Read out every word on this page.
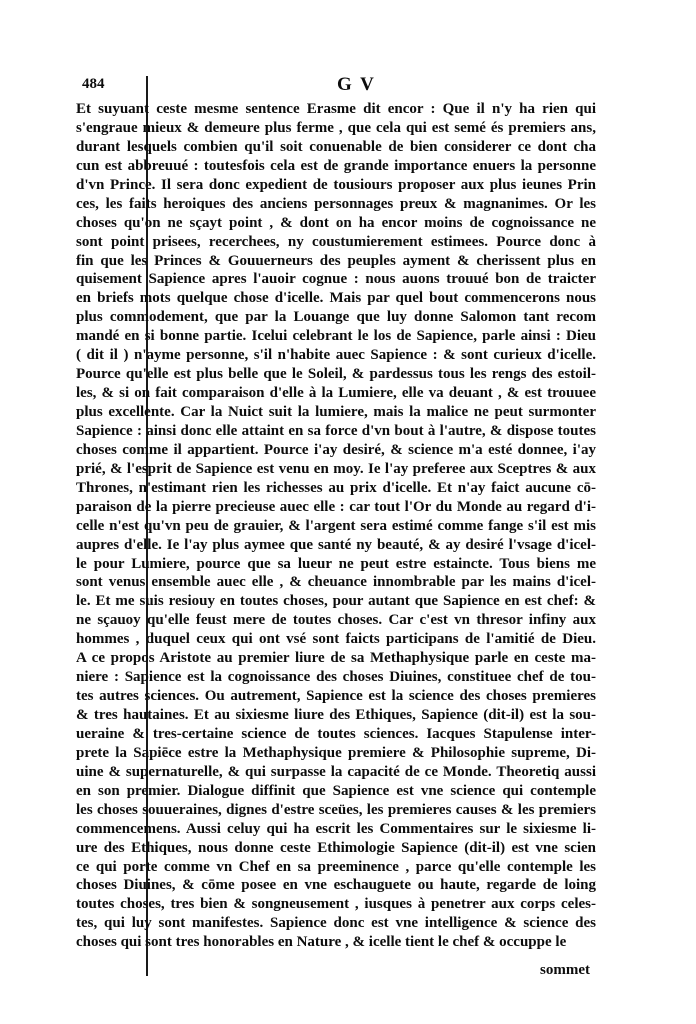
484	G V
Et suyuant ceste mesme sentence Erasme dit encor : Que il n'y ha rien qui
s'engraue mieux & demeure plus ferme , que cela qui est semé és premiers ans,
durant lesquels combien qu'il soit conuenable de bien considerer ce dont cha
cun est abbreuué : toutesfois cela est de grande importance enuers la personne
d'vn Prince. Il sera donc expedient de tousiours proposer aux plus ieunes Prin
ces, les faits heroiques des anciens personnages preux & magnanimes. Or les
choses qu'on ne sçayt point , & dont on ha encor moins de cognoissance ne
sont point prisees, recerchees, ny coustumierement estimees. Pource donc à
fin que les Princes & Gouuerneurs des peuples ayment & cherissent plus en
quisement Sapience apres l'auoir cognue : nous auons trouué bon de traicter
en briefs mots quelque chose d'icelle. Mais par quel bout commencerons nous
plus commodement, que par la Louange que luy donne Salomon tant recom
mandé en si bonne partie. Icelui celebrant le los de Sapience, parle ainsi : Dieu
( dit il ) n'ayme personne, s'il n'habite auec Sapience : & sont curieux d'icelle.
Pource qu'elle est plus belle que le Soleil, & pardessus tous les rengs des estoil-
les, & si on fait comparaison d'elle à la Lumiere, elle va deuant , & est trouuee
plus excellente. Car la Nuict suit la lumiere, mais la malice ne peut surmonter
Sapience : ainsi donc elle attaint en sa force d'vn bout à l'autre, & dispose toutes
choses comme il appartient. Pource i'ay desiré, & science m'a esté donnee, i'ay
prié, & l'esprit de Sapience est venu en moy. Ie l'ay preferee aux Sceptres & aux
Thrones, n'estimant rien les richesses au prix d'icelle. Et n'ay faict aucune cō-
paraison de la pierre precieuse auec elle : car tout l'Or du Monde au regard d'i-
celle n'est qu'vn peu de grauier, & l'argent sera estimé comme fange s'il est mis
aupres d'elle. Ie l'ay plus aymee que santé ny beauté, & ay desiré l'vsage d'icel-
le pour Lumiere, pource que sa lueur ne peut estre estaincte. Tous biens me
sont venus ensemble auec elle , & cheuance innombrable par les mains d'icel-
le. Et me suis resiouy en toutes choses, pour autant que Sapience en est chef: &
ne sçauoy qu'elle feust mere de toutes choses. Car c'est vn thresor infiny aux
hommes , duquel ceux qui ont vsé sont faicts participans de l'amitié de Dieu.
A ce propos Aristote au premier liure de sa Methaphysique parle en ceste ma-
niere : Sapience est la cognoissance des choses Diuines, constituee chef de tou-
tes autres sciences. Ou autrement, Sapience est la science des choses premieres
& tres hautaines. Et au sixiesme liure des Ethiques, Sapience (dit-il) est la sou-
ueraine & tres-certaine science de toutes sciences. Iacques Stapulense inter-
prete la Sapiēce estre la Methaphysique premiere & Philosophie supreme, Di-
uine & supernaturelle, & qui surpasse la capacité de ce Monde. Theoretiq aussi
en son premier. Dialogue diffinit que Sapience est vne science qui contemple
les choses souueraines, dignes d'estre sceües, les premieres causes & les premiers
commencemens. Aussi celuy qui ha escrit les Commentaires sur le sixiesme li-
ure des Ethiques, nous donne ceste Ethimologie Sapience (dit-il) est vne scien
ce qui porte comme vn Chef en sa preeminence , parce qu'elle contemple les
choses Diuines, & cōme posee en vne eschauguete ou haute, regarde de loing
toutes choses, tres bien & songneusement , iusques à penetrer aux corps celes-
tes, qui luy sont manifestes. Sapience donc est vne intelligence & science des
choses qui sont tres honorables en Nature , & icelle tient le chef & occuppe le
sommet
